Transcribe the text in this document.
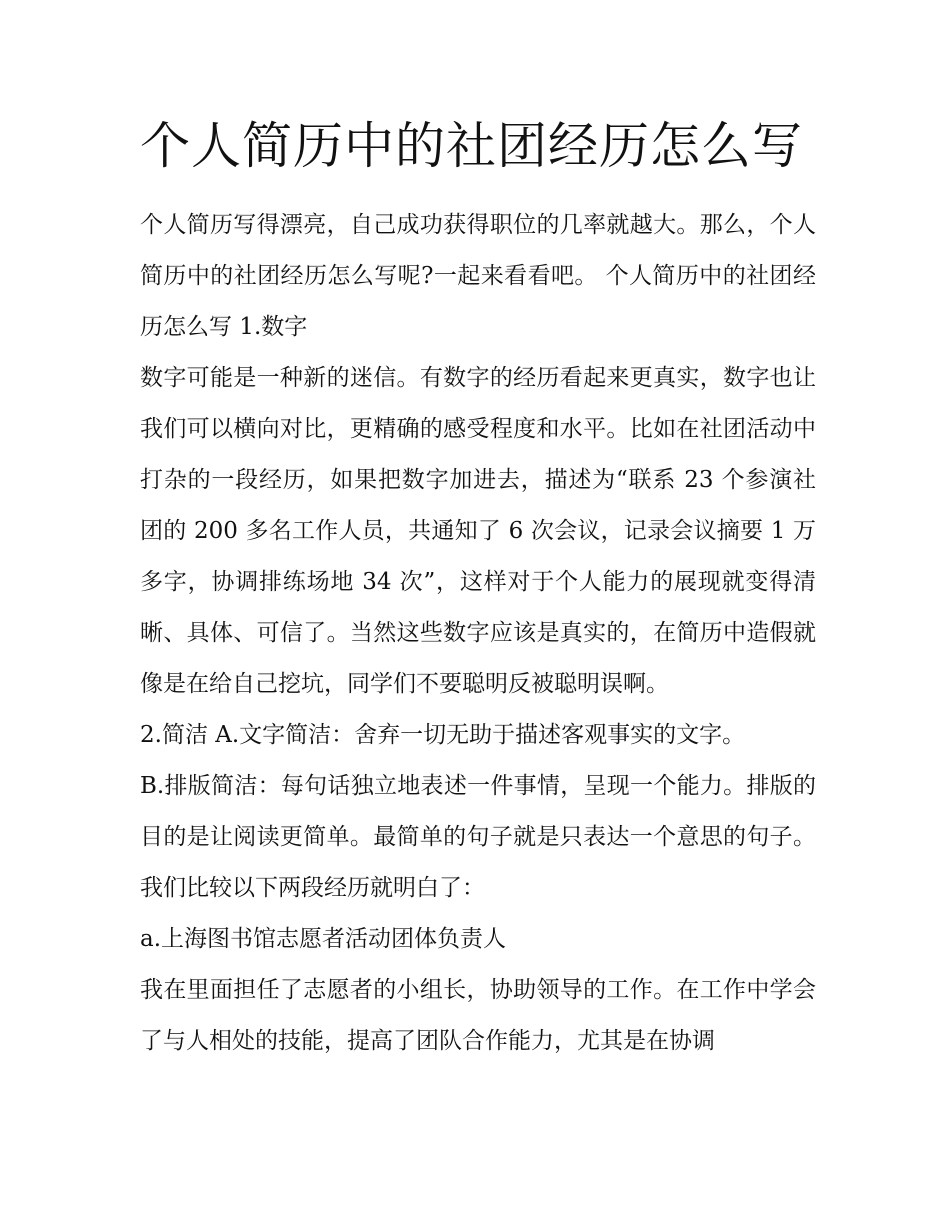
个人简历中的社团经历怎么写

个人简历写得漂亮，自己成功获得职位的几率就越大。那么，个人简历中的社团经历怎么写呢?一起来看看吧。 个人简历中的社团经历怎么写 1.数字

数字可能是一种新的迷信。有数字的经历看起来更真实，数字也让我们可以横向对比，更精确的感受程度和水平。比如在社团活动中打杂的一段经历，如果把数字加进去，描述为“联系 23 个参演社团的 200 多名工作人员，共通知了 6 次会议，记录会议摘要 1 万多字，协调排练场地 34 次”，这样对于个人能力的展现就变得清晰、具体、可信了。当然这些数字应该是真实的，在简历中造假就像是在给自己挖坑，同学们不要聪明反被聪明误啊。

2.简洁 A.文字简洁：舍弃一切无助于描述客观事实的文字。

B.排版简洁：每句话独立地表述一件事情，呈现一个能力。排版的目的是让阅读更简单。最简单的句子就是只表达一个意思的句子。我们比较以下两段经历就明白了：

a.上海图书馆志愿者活动团体负责人

我在里面担任了志愿者的小组长，协助领导的工作。在工作中学会了与人相处的技能，提高了团队合作能力，尤其是在协调
